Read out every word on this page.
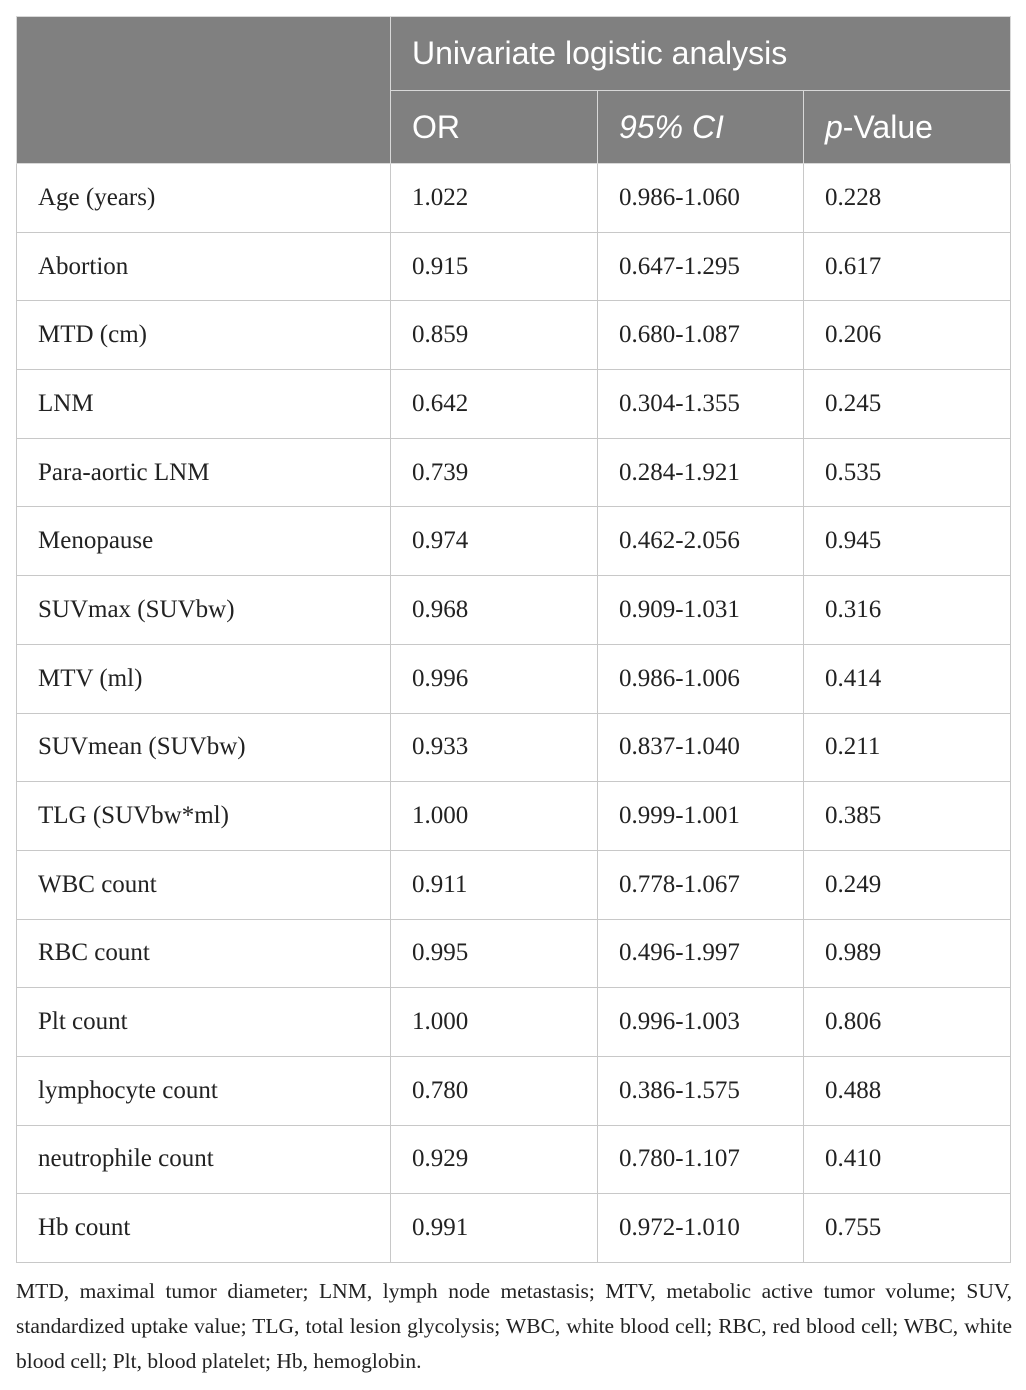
	Univariate logistic analysis		
	OR	95% CI	p-Value
Age (years)	1.022	0.986-1.060	0.228
Abortion	0.915	0.647-1.295	0.617
MTD (cm)	0.859	0.680-1.087	0.206
LNM	0.642	0.304-1.355	0.245
Para-aortic LNM	0.739	0.284-1.921	0.535
Menopause	0.974	0.462-2.056	0.945
SUVmax (SUVbw)	0.968	0.909-1.031	0.316
MTV (ml)	0.996	0.986-1.006	0.414
SUVmean (SUVbw)	0.933	0.837-1.040	0.211
TLG (SUVbw*ml)	1.000	0.999-1.001	0.385
WBC count	0.911	0.778-1.067	0.249
RBC count	0.995	0.496-1.997	0.989
Plt count	1.000	0.996-1.003	0.806
lymphocyte count	0.780	0.386-1.575	0.488
neutrophile count	0.929	0.780-1.107	0.410
Hb count	0.991	0.972-1.010	0.755
MTD, maximal tumor diameter; LNM, lymph node metastasis; MTV, metabolic active tumor volume; SUV, standardized uptake value; TLG, total lesion glycolysis; WBC, white blood cell; RBC, red blood cell; WBC, white blood cell; Plt, blood platelet; Hb, hemoglobin.
